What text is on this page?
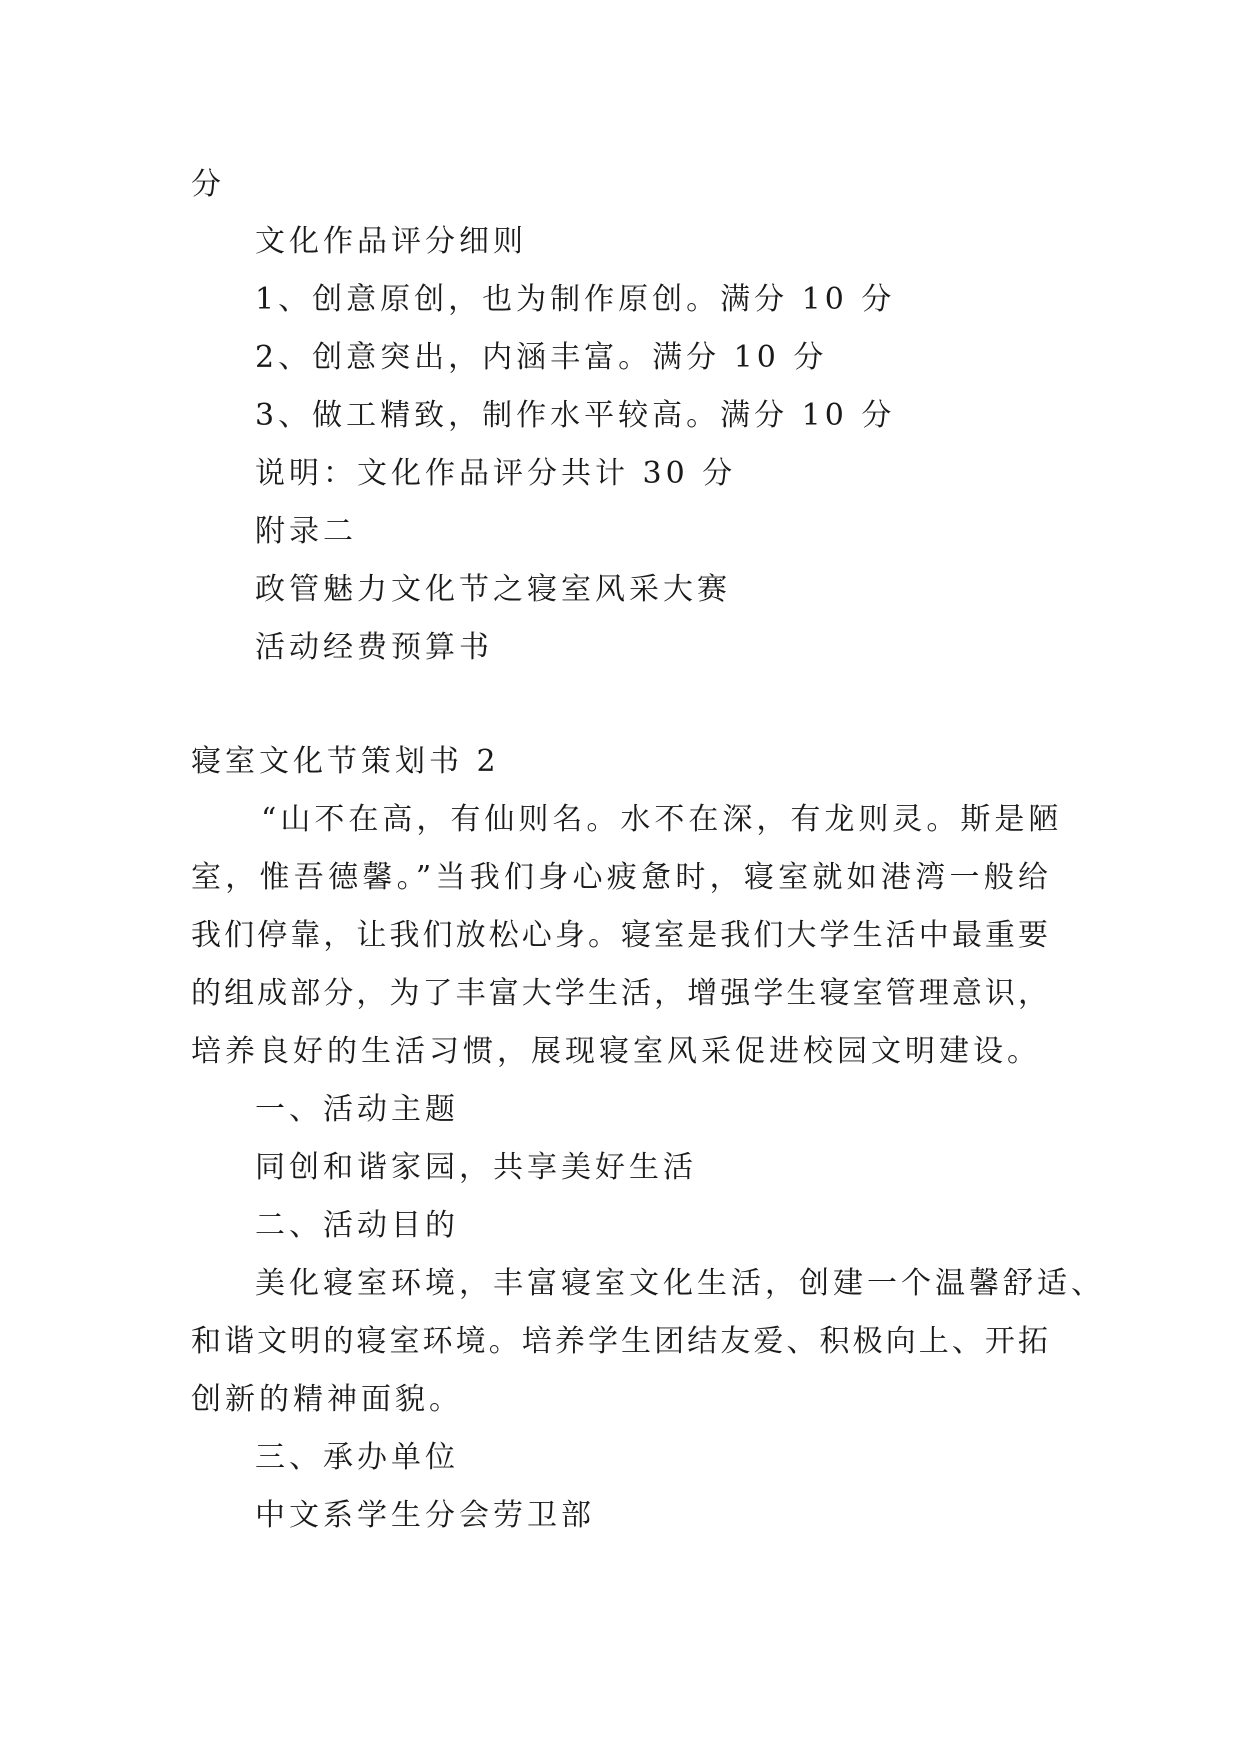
分
文化作品评分细则
1、创意原创，也为制作原创。满分 10 分
2、创意突出，内涵丰富。满分 10 分
3、做工精致，制作水平较高。满分 10 分
说明：文化作品评分共计 30 分
附录二
政管魅力文化节之寝室风采大赛
活动经费预算书
寝室文化节策划书 2
“山不在高，有仙则名。水不在深，有龙则灵。斯是陋
室，惟吾德馨。”当我们身心疲惫时，寝室就如港湾一般给
我们停靠，让我们放松心身。寝室是我们大学生活中最重要
的组成部分，为了丰富大学生活，增强学生寝室管理意识，
培养良好的生活习惯，展现寝室风采促进校园文明建设。
一、活动主题
同创和谐家园，共享美好生活
二、活动目的
美化寝室环境，丰富寝室文化生活，创建一个温馨舒适、
和谐文明的寝室环境。培养学生团结友爱、积极向上、开拓
创新的精神面貌。
三、承办单位
中文系学生分会劳卫部
